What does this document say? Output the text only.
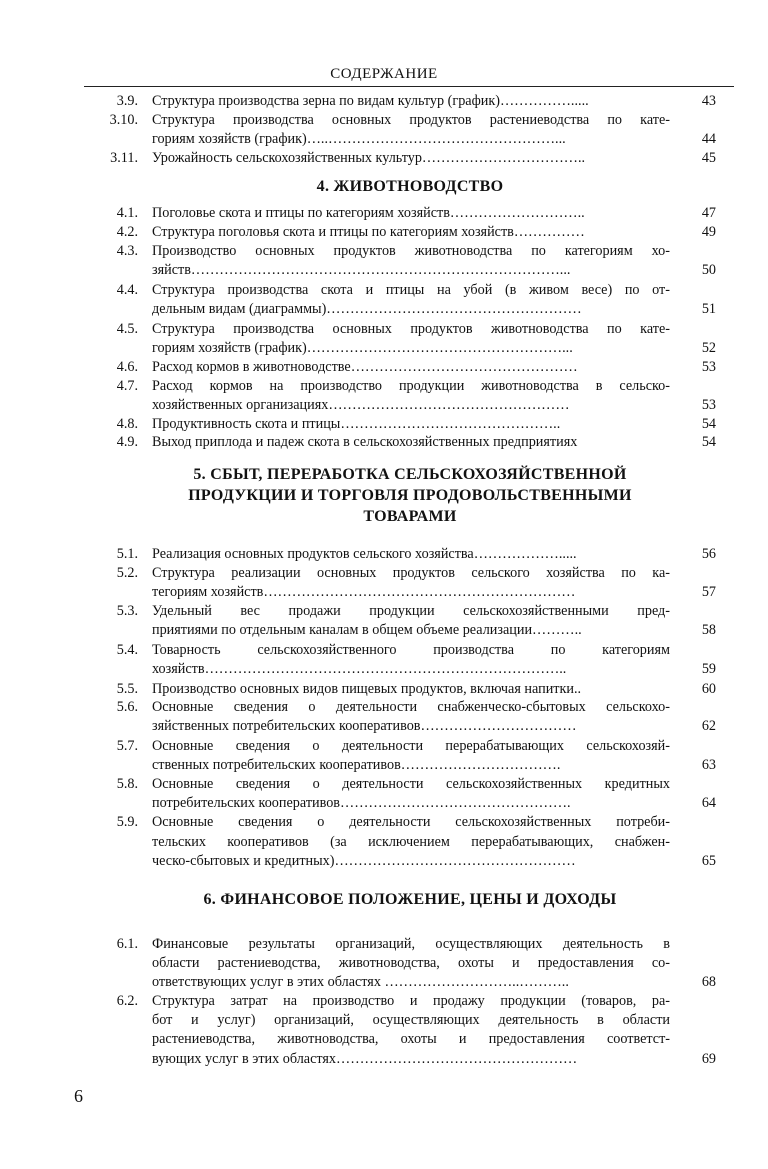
СОДЕРЖАНИЕ
3.9. Структура производства зерна по видам культур (график)…………….....	43
3.10. Структура производства основных продуктов растениеводства по кате-
гориям хозяйств (график)…..…………………………………………...	44
3.11. Урожайность сельскохозяйственных культур……………………………..	45
4. ЖИВОТНОВОДСТВО
4.1. Поголовье скота и птицы по категориям хозяйств………………………..	47
4.2. Структура поголовья скота и птицы по категориям хозяйств……………	49
4.3. Производство основных продуктов животноводства по категориям хо-
зяйств……………………………………………………………………...	50
4.4. Структура производства скота и птицы на убой (в живом весе) по от-
дельным видам (диаграммы)………………………………………………	51
4.5. Структура производства основных продуктов животноводства по катe-
гориям хозяйств (график)………………………………………………...	52
4.6. Расход кормов в животноводстве…………………………………………	53
4.7. Расход кормов на производство продукции животноводства в сельско-
хозяйственных организациях……………………………………………	53
4.8. Продуктивность скота и птицы………………………………………..	54
4.9. Выход приплода и падеж скота в сельскохозяйственных предприятиях	54
5. СБЫТ, ПЕРЕРАБОТКА СЕЛЬСКОХОЗЯЙСТВЕННОЙ
ПРОДУКЦИИ И ТОРГОВЛЯ ПРОДОВОЛЬСТВЕННЫМИ
ТОВАРАМИ
5.1. Реализация основных продуктов сельского хозяйства……………….....	56
5.2. Структура реализации основных продуктов сельского хозяйства по ка-
тегориям хозяйств…………………………………………………………	57
5.3. Удельный вес продажи продукции сельскохозяйственными пред-
приятиями по отдельным каналам в общем объеме реализации………..	58
5.4. Товарность сельскохозяйственного производства по категориям
хозяйств…………………………………………………………………..	59
5.5. Производство основных видов пищевых продуктов, включая напитки..	60
5.6. Основные сведения о деятельности снабженческо-сбытовых сельскохо-
зяйственных потребительских кооперативов……………………………	62
5.7. Основные сведения о деятельности перерабатывающих сельскохозяй-
ственных потребительских кооперативов…………………………….	63
5.8. Основные сведения о деятельности сельскохозяйственных кредитных
потребительских кооперативов………………………………………….	64
5.9. Основные сведения о деятельности сельскохозяйственных потреби-
тельских кооперативов (за исключением перерабатывающих, снабжен-
ческо-сбытовых и кредитных)……………………………………………	65
6. ФИНАНСОВОЕ ПОЛОЖЕНИЕ, ЦЕНЫ И ДОХОДЫ
6.1. Финансовые результаты организаций, осуществляющих деятельность в
области растениеводства, животноводства, охоты и предоставления со-
ответствующих услуг в этих областях ………………………..………..	68
6.2. Структура затрат на производство и продажу продукции (товаров, ра-
бот и услуг) организаций, осуществляющих деятельность в области
растениеводства, животноводства, охоты и предоставления соответст-
вующих услуг в этих областях……………………………………………	69
6
